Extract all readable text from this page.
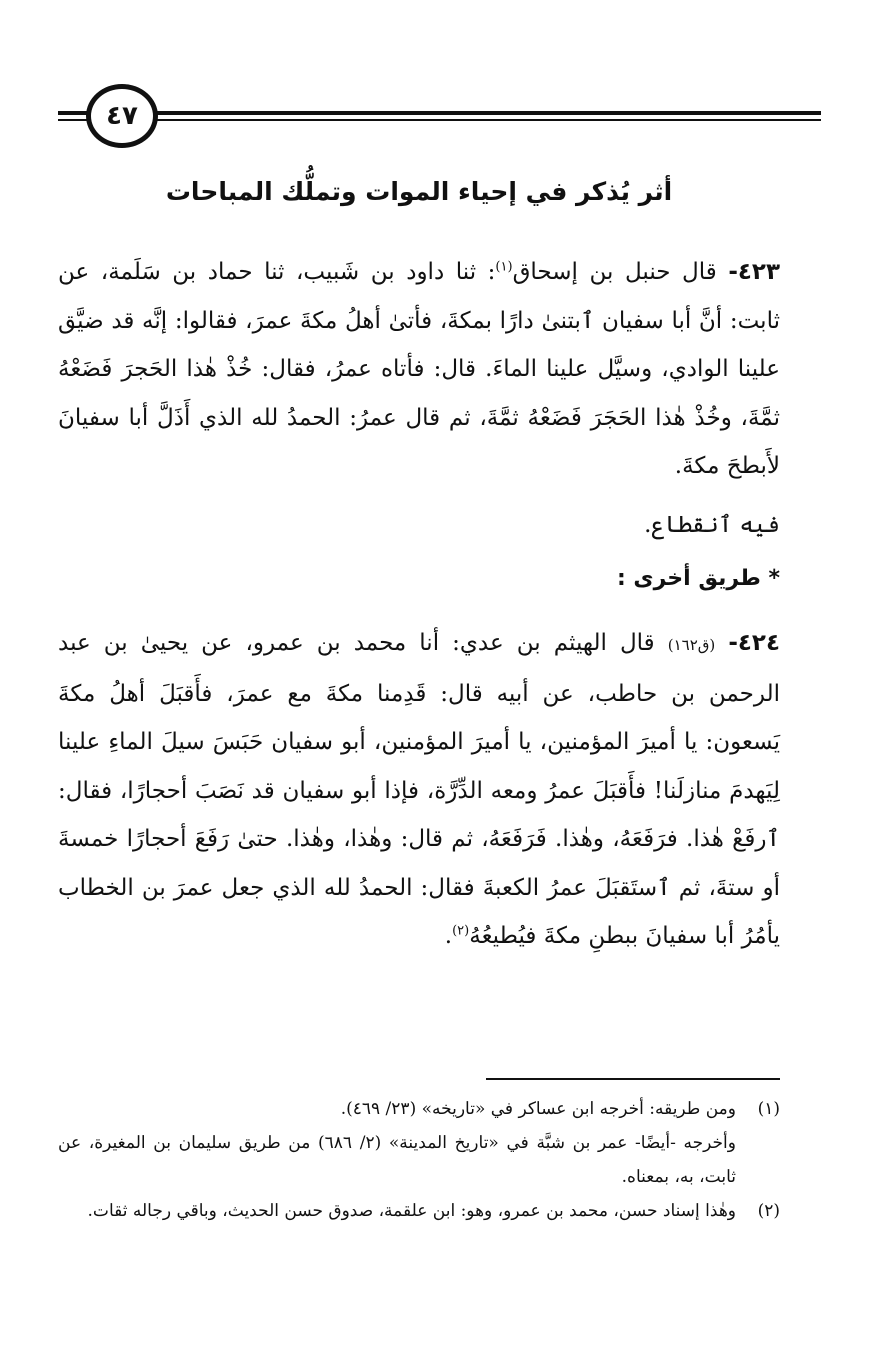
٤٧
أثر يُذكر في إحياء الموات وتملُّك المباحات

٤٢٣- قال حنبل بن إسحاق$^{(١)}$: ثنا داود بن شَبيب، ثنا حماد بن سَلَمة، عن ثابت: أنَّ أبا سفيان ٱبتنىٰ دارًا بمكةَ، فأتىٰ أهلُ مكةَ عمرَ، فقالوا: إنَّه قد ضيَّق علينا الوادي، وسيَّل علينا الماءَ. قال: فأتاه عمرُ، فقال: خُذْ هٰذا الحَجرَ فَضَعْهُ ثمَّةَ، وخُذْ هٰذا الحَجَرَ فَضَعْهُ ثمَّةَ، ثم قال عمرُ: الحمدُ لله الذي أَذَلَّ أبا سفيانَ لأَبطحَ مكةَ.

فيه ٱنقطاع.

* طريق أخرى :

٤٢٤- (ق١٦٢) قال الهيثم بن عدي: أنا محمد بن عمرو، عن يحيىٰ بن عبد الرحمن بن حاطب، عن أبيه قال: قَدِمنا مكةَ مع عمرَ، فأَقبَلَ أهلُ مكةَ يَسعون: يا أميرَ المؤمنين، يا أميرَ المؤمنين، أبو سفيان حَبَسَ سيلَ الماءِ علينا لِيَهدمَ منازلَنا! فأَقبَلَ عمرُ ومعه الدِّرَّة، فإذا أبو سفيان قد نَصَبَ أحجارًا، فقال: ٱرفَعْ هٰذا. فرَفَعَهُ، وهٰذا. فَرَفَعَهُ، ثم قال: وهٰذا، وهٰذا. حتىٰ رَفَعَ أحجارًا خمسةَ أو ستةَ، ثم ٱستَقبَلَ عمرُ الكعبةَ فقال: الحمدُ لله الذي جعل عمرَ بن الخطاب يأمُرُ أبا سفيانَ ببطنِ مكةَ فيُطيعُهُ$^{(٢)}$.

(١)
ومن طريقه: أخرجه ابن عساكر في «تاريخه» (٢٣/ ٤٦٩).
وأخرجه -أيضًا- عمر بن شبَّة في «تاريخ المدينة» (٢/ ٦٨٦) من طريق سليمان بن المغيرة، عن ثابت، به، بمعناه.
(٢)
وهٰذا إسناد حسن، محمد بن عمرو، وهو: ابن علقمة، صدوق حسن الحديث، وباقي رجاله ثقات.
